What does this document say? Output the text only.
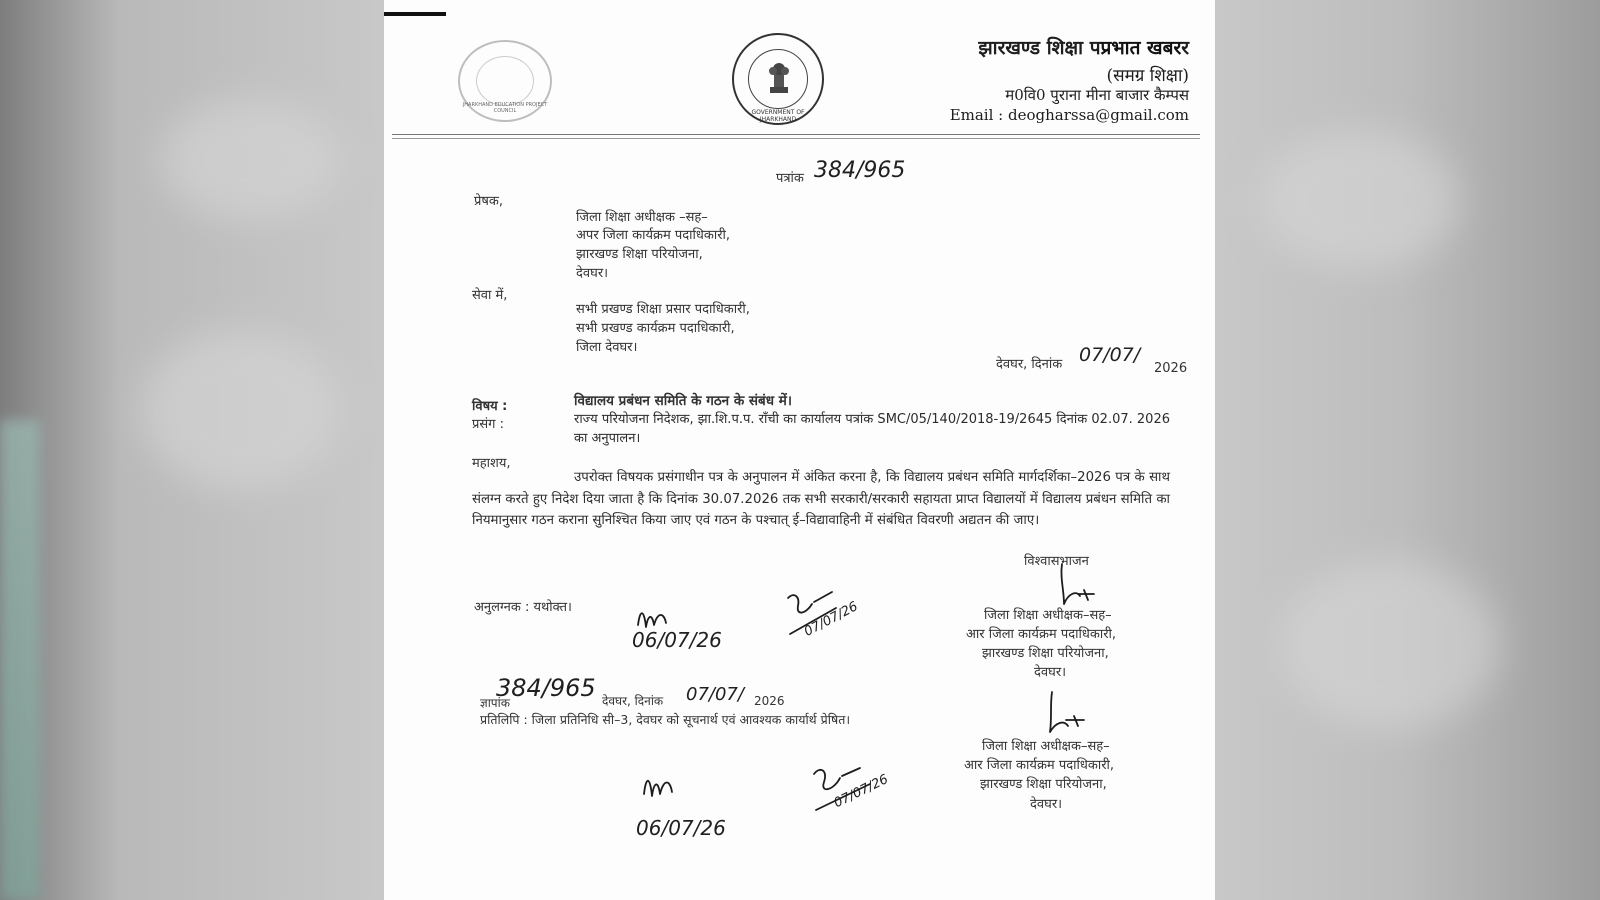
JHARKHAND EDUCATION PROJECT COUNCIL	GOVERNMENT OF JHARKHAND
झारखण्ड शिक्षा पप्रभात खबरर
(समग्र शिक्षा)
म0वि0 पुराना मीना बाजार कैम्पस
Email : deogharssa@gmail.com
पत्रांक 384/965
प्रेषक,
जिला शिक्षा अधीक्षक –सह–
अपर जिला कार्यक्रम पदाधिकारी,
झारखण्ड शिक्षा परियोजना,
देवघर।
सेवा में,
सभी प्रखण्ड शिक्षा प्रसार पदाधिकारी,
सभी प्रखण्ड कार्यक्रम पदाधिकारी,
जिला देवघर।
देवघर, दिनांक 07/07/
2026
विषय :	विद्यालय प्रबंधन समिति के गठन के संबंध में।
प्रसंग :	राज्य परियोजना निदेशक, झा.शि.प.प. राँची का कार्यालय पत्रांक SMC/05/140/2018-19/2645 दिनांक 02.07. 2026 का अनुपालन।
महाशय,
उपरोक्त विषयक प्रसंगाधीन पत्र के अनुपालन में अंकित करना है, कि विद्यालय प्रबंधन समिति मार्गदर्शिका–2026 पत्र के साथ संलग्न करते हुए निदेश दिया जाता है कि दिनांक 30.07.2026 तक सभी सरकारी/सरकारी सहायता प्राप्त विद्यालयों में विद्यालय प्रबंधन समिति का नियमानुसार गठन कराना सुनिश्चित किया जाए एवं गठन के पश्चात् ई–विद्यावाहिनी में संबंधित विवरणी अद्यतन की जाए।
विश्वासभाजन
अनुलग्नक : यथोक्त।
06/07/26
07/07/26	जिला शिक्षा अधीक्षक–सह–
आर जिला कार्यक्रम पदाधिकारी,
झारखण्ड शिक्षा परियोजना,
देवघर।
ज्ञापांक
384/965 देवघर, दिनांक 07/07/ 2026
प्रतिलिपि : जिला प्रतिनिधि सी–3, देवघर को सूचनार्थ एवं आवश्यक कार्यार्थ प्रेषित।
जिला शिक्षा अधीक्षक–सह–
आर जिला कार्यक्रम पदाधिकारी,
झारखण्ड शिक्षा परियोजना,
देवघर।
06/07/26
07/07/26
